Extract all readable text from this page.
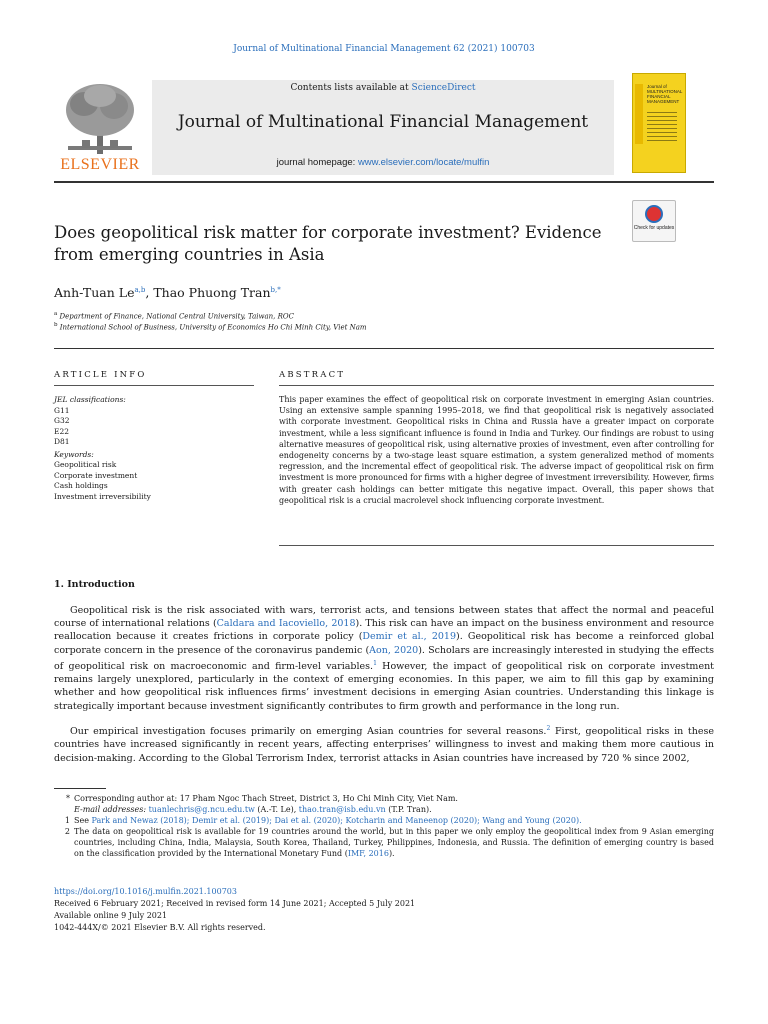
Journal of Multinational Financial Management 62 (2021) 100703
ELSEVIER
Contents lists available at ScienceDirect
Journal of Multinational Financial Management
journal homepage: www.elsevier.com/locate/mulfin
Journal of
MULTINATIONAL
FINANCIAL
MANAGEMENT
Does geopolitical risk matter for corporate investment? Evidence from emerging countries in Asia
Check for updates
Anh-Tuan Le$^{a,b}$, Thao Phuong Tran$^{b,*}$
$^a$ Department of Finance, National Central University, Taiwan, ROC
$^b$ International School of Business, University of Economics Ho Chi Minh City, Viet Nam
ARTICLE INFO
JEL classifications:
G11
G32
E22
D81
Keywords:
Geopolitical risk
Corporate investment
Cash holdings
Investment irreversibility
ABSTRACT
This paper examines the effect of geopolitical risk on corporate investment in emerging Asian countries. Using an extensive sample spanning 1995–2018, we find that geopolitical risk is negatively associated with corporate investment. Geopolitical risks in China and Russia have a greater impact on corporate investment, while a less significant influence is found in India and Turkey. Our findings are robust to using alternative measures of geopolitical risk, using alternative proxies of investment, even after controlling for endogeneity concerns by a two-stage least square estimation, a system generalized method of moments regression, and the incremental effect of geopolitical risk. The adverse impact of geopolitical risk on firm investment is more pronounced for firms with a higher degree of investment irreversibility. However, firms with greater cash holdings can better mitigate this negative impact. Overall, this paper shows that geopolitical risk is a crucial macrolevel shock influencing corporate investment.
1. Introduction
Geopolitical risk is the risk associated with wars, terrorist acts, and tensions between states that affect the normal and peaceful course of international relations (Caldara and Iacoviello, 2018). This risk can have an impact on the business environment and resource reallocation because it creates frictions in corporate policy (Demir et al., 2019). Geopolitical risk has become a reinforced global corporate concern in the presence of the coronavirus pandemic (Aon, 2020). Scholars are increasingly interested in studying the effects of geopolitical risk on macroeconomic and firm-level variables.$^1$ However, the impact of geopolitical risk on corporate investment remains largely unexplored, particularly in the context of emerging economies. In this paper, we aim to fill this gap by examining whether and how geopolitical risk influences firms’ investment decisions in emerging Asian countries. Understanding this linkage is strategically important because investment significantly contributes to firm growth and performance in the long run.
Our empirical investigation focuses primarily on emerging Asian countries for several reasons.$^2$ First, geopolitical risks in these countries have increased significantly in recent years, affecting enterprises’ willingness to invest and making them more cautious in decision-making. According to the Global Terrorism Index, terrorist attacks in Asian countries have increased by 720 % since 2002,
* Corresponding author at: 17 Pham Ngoc Thach Street, District 3, Ho Chi Minh City, Viet Nam.
E-mail addresses: tuanlechris@g.ncu.edu.tw (A.-T. Le), thao.tran@isb.edu.vn (T.P. Tran).
1 See Park and Newaz (2018); Demir et al. (2019); Dai et al. (2020); Kotcharin and Maneenop (2020); Wang and Young (2020).
2 The data on geopolitical risk is available for 19 countries around the world, but in this paper we only employ the geopolitical index from 9 Asian emerging countries, including China, India, Malaysia, South Korea, Thailand, Turkey, Philippines, Indonesia, and Russia. The definition of emerging country is based on the classification provided by the International Monetary Fund (IMF, 2016).
https://doi.org/10.1016/j.mulfin.2021.100703
Received 6 February 2021; Received in revised form 14 June 2021; Accepted 5 July 2021
Available online 9 July 2021
1042-444X/© 2021 Elsevier B.V. All rights reserved.
